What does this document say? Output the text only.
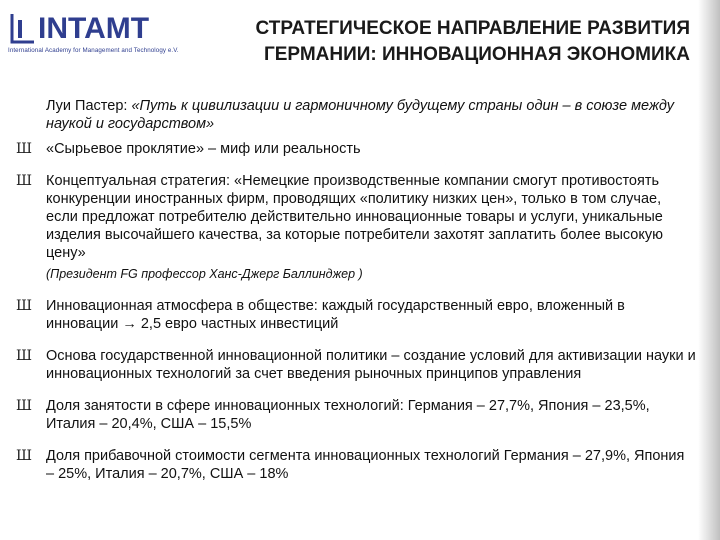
INTAMT
International Academy for Management and Technology e.V.
СТРАТЕГИЧЕСКОЕ НАПРАВЛЕНИЕ РАЗВИТИЯ
ГЕРМАНИИ: ИННОВАЦИОННАЯ ЭКОНОМИКА
Луи Пастер: «Путь к цивилизации и гармоничному будущему страны один – в союзе между наукой и государством»
Ш «Сырьевое проклятие» – миф или реальность
Ш Концептуальная стратегия: «Немецкие производственные компании смогут противостоять конкуренции иностранных фирм, проводящих «политику низких цен», только в том случае, если предложат потребителю действительно инновационные товары и услуги, уникальные изделия высочайшего качества, за которые потребители захотят заплатить более высокую цену»
(Президент FG профессор Ханс-Джерг Баллинджер )
Ш Инновационная атмосфера в обществе: каждый государственный евро, вложенный в инновации → 2,5 евро частных инвестиций
Ш Основа государственной инновационной политики – создание условий для активизации науки и инновационных технологий за счет введения рыночных принципов управления
Ш Доля занятости в сфере инновационных технологий: Германия – 27,7%, Япония – 23,5%, Италия – 20,4%, США – 15,5%
Ш Доля прибавочной стоимости сегмента инновационных технологий Германия – 27,9%, Япония – 25%, Италия – 20,7%, США – 18%
